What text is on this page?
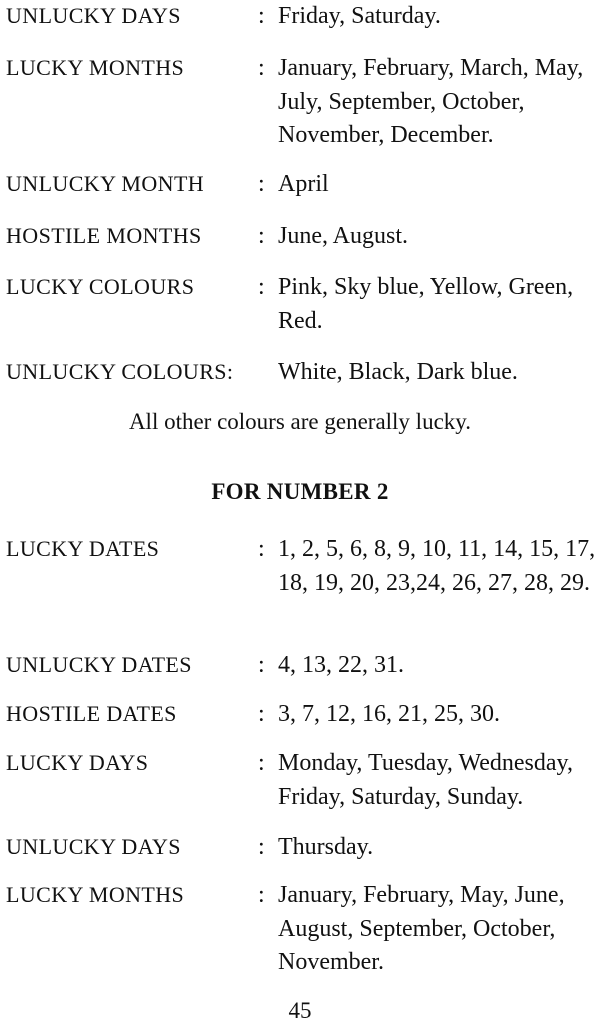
UNLUCKY DAYS	: Friday, Saturday.
LUCKY MONTHS	: January, February, March, May, July, September, October, November, December.
UNLUCKY MONTH : April
HOSTILE MONTHS : June, August.
LUCKY COLOURS	: Pink, Sky blue, Yellow, Green, Red.
UNLUCKY COLOURS: White, Black, Dark blue.
All other colours are generally lucky.
FOR NUMBER 2
LUCKY DATES	: 1, 2, 5, 6, 8, 9, 10, 11, 14, 15, 17, 18, 19, 20, 23,24, 26, 27, 28, 29.
UNLUCKY DATES	: 4, 13, 22, 31.
HOSTILE DATES	: 3, 7, 12, 16, 21, 25, 30.
LUCKY DAYS	: Monday, Tuesday, Wednesday, Friday, Saturday, Sunday.
UNLUCKY DAYS	: Thursday.
LUCKY MONTHS	: January, February, May, June, August, September, October, November.
45
